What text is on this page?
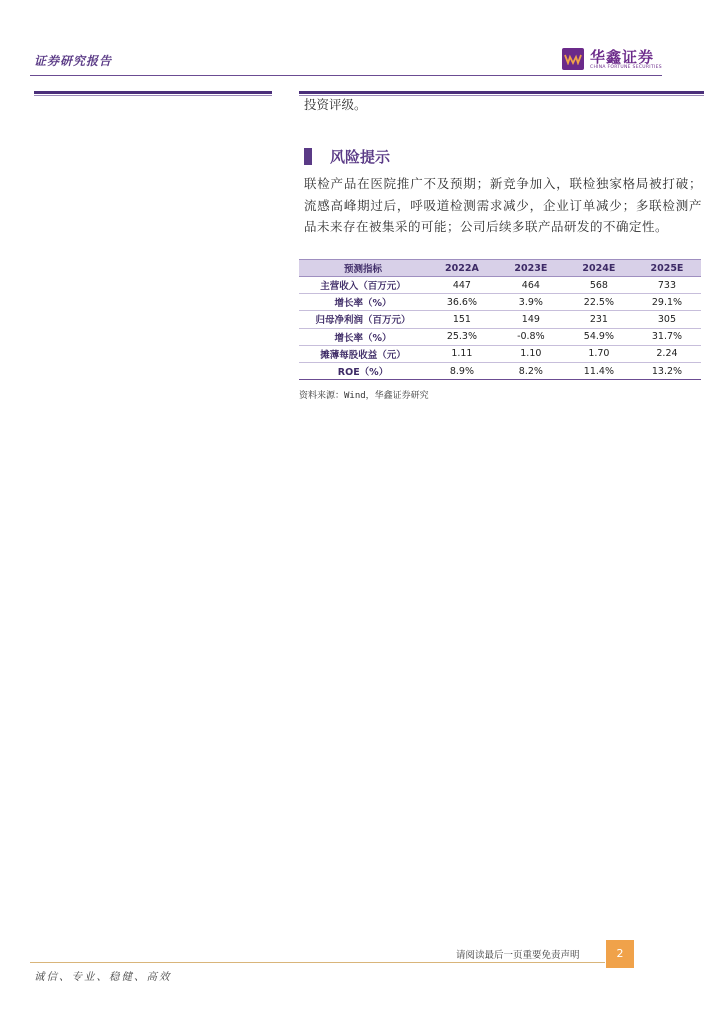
证券研究报告	华鑫证券
CHINA FORTUNE SECURITIES
投资评级。
风险提示
联检产品在医院推广不及预期；新竞争加入，联检独家格局被打破；流感高峰期过后，呼吸道检测需求减少，企业订单减少；多联检测产品未来存在被集采的可能；公司后续多联产品研发的不确定性。
预测指标	2022A	2023E	2024E	2025E
主营收入（百万元）	447	464	568	733
增长率（%）	36.6%	3.9%	22.5%	29.1%
归母净利润（百万元）	151	149	231	305
增长率（%）	25.3%	-0.8%	54.9%	31.7%
摊薄每股收益（元）	1.11	1.10	1.70	2.24
ROE（%）	8.9%	8.2%	11.4%	13.2%
资料来源：Wind，华鑫证券研究
请阅读最后一页重要免责声明	2
诚信、专业、稳健、高效
